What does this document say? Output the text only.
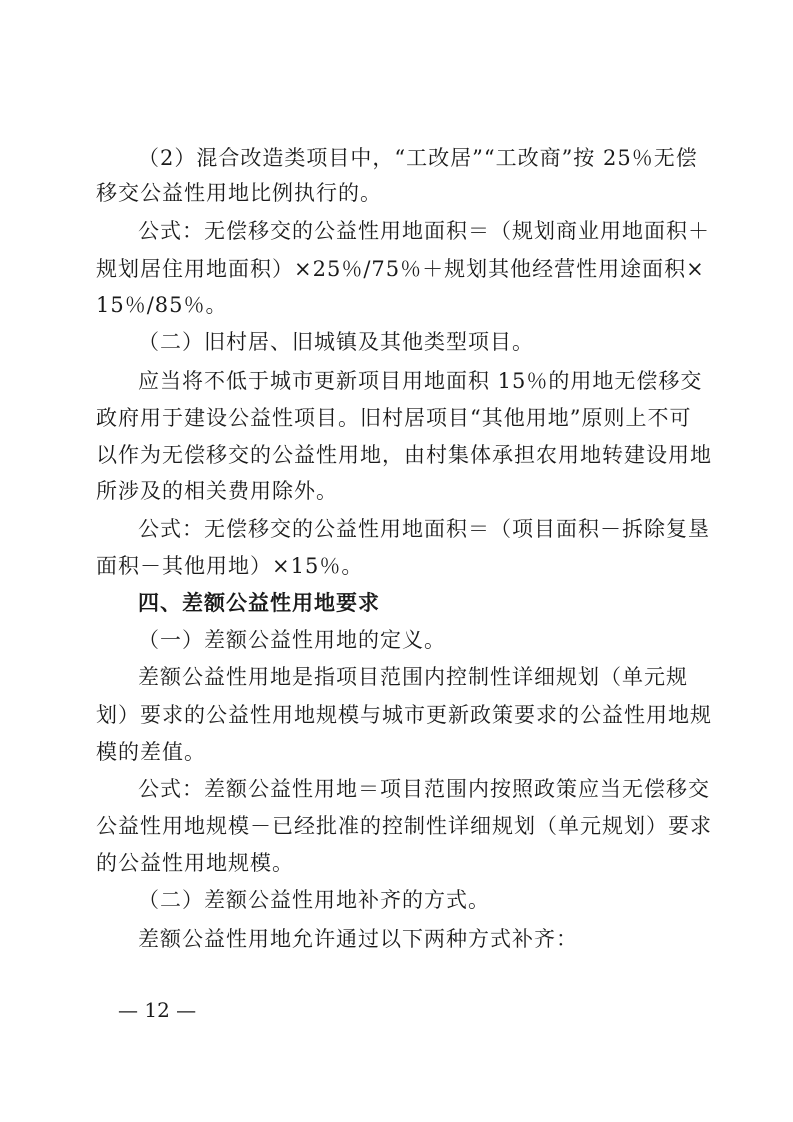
（2）混合改造类项目中，“工改居”“工改商”按 25％无偿
移交公益性用地比例执行的。
公式：无偿移交的公益性用地面积＝（规划商业用地面积＋
规划居住用地面积）×25％/75％＋规划其他经营性用途面积×
15％/85％。
（二）旧村居、旧城镇及其他类型项目。
应当将不低于城市更新项目用地面积 15％的用地无偿移交
政府用于建设公益性项目。旧村居项目“其他用地”原则上不可
以作为无偿移交的公益性用地，由村集体承担农用地转建设用地
所涉及的相关费用除外。
公式：无偿移交的公益性用地面积＝（项目面积－拆除复垦
面积－其他用地）×15％。
四、差额公益性用地要求
（一）差额公益性用地的定义。
差额公益性用地是指项目范围内控制性详细规划（单元规
划）要求的公益性用地规模与城市更新政策要求的公益性用地规
模的差值。
公式：差额公益性用地＝项目范围内按照政策应当无偿移交
公益性用地规模－已经批准的控制性详细规划（单元规划）要求
的公益性用地规模。
（二）差额公益性用地补齐的方式。
差额公益性用地允许通过以下两种方式补齐：
— 12 —
